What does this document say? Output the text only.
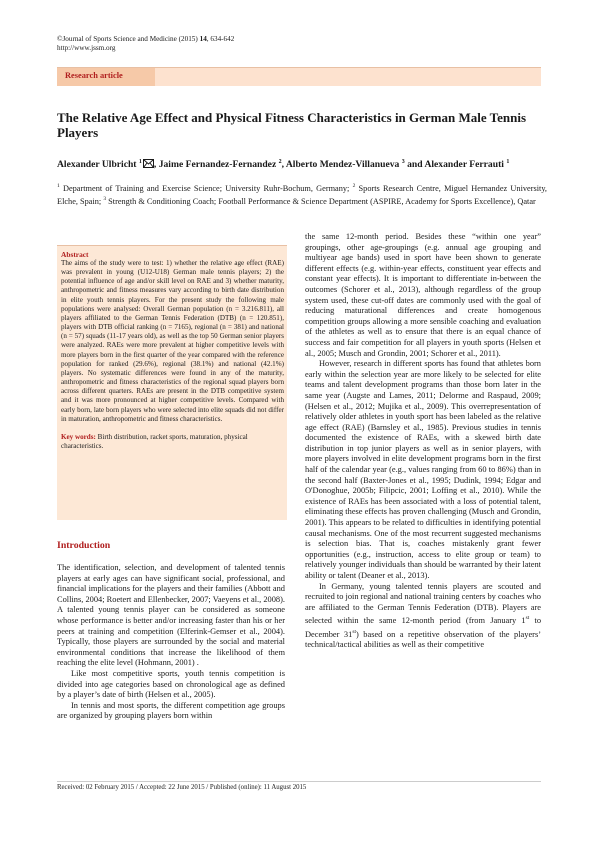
©Journal of Sports Science and Medicine (2015) 14, 634-642
http://www.jssm.org
Research article
The Relative Age Effect and Physical Fitness Characteristics in German Male Tennis Players
Alexander Ulbricht $^1$ , Jaime Fernandez-Fernandez $^2$, Alberto Mendez-Villanueva $^3$ and Alexander Ferrauti $^1$
$^1$ Department of Training and Exercise Science; University Ruhr-Bochum, Germany; $^2$ Sports Research Centre, Miguel Hernandez University, Elche, Spain; $^3$ Strength & Conditioning Coach; Football Performance & Science Department (ASPIRE, Academy for Sports Excellence), Qatar
Abstract
The aims of the study were to test: 1) whether the relative age effect (RAE) was prevalent in young (U12-U18) German male tennis players; 2) the potential influence of age and/or skill level on RAE and 3) whether maturity, anthropometric and fitness measures vary according to birth date distribution in elite youth tennis players. For the present study the following male populations were analysed: Overall German population (n = 3.216.811), all players affiliated to the German Tennis Federation (DTB) (n = 120.851), players with DTB official ranking (n = 7165), regional (n = 381) and national (n = 57) squads (11-17 years old), as well as the top 50 German senior players were analyzed. RAEs were more prevalent at higher competitive levels with more players born in the first quarter of the year compared with the reference population for ranked (29.6%), regional (38.1%) and national (42.1%) players. No systematic differences were found in any of the maturity, anthropometric and fitness characteristics of the regional squad players born across different quarters. RAEs are present in the DTB competitive system and it was more pronounced at higher competitive levels. Compared with early born, late born players who were selected into elite squads did not differ in maturation, anthropometric and fitness characteristics.
Key words: Birth distribution, racket sports, maturation, physical characteristics.
Introduction

The identification, selection, and development of talented tennis players at early ages can have significant social, professional, and financial implications for the players and their families (Abbott and Collins, 2004; Roetert and Ellenbecker, 2007; Vaeyens et al., 2008). A talented young tennis player can be considered as someone whose performance is better and/or increasing faster than his or her peers at training and competition (Elferink-Gemser et al., 2004). Typically, those players are surrounded by the social and material environmental conditions that increase the likelihood of them reaching the elite level (Hohmann, 2001) .

Like most competitive sports, youth tennis competition is divided into age categories based on chronological age as defined by a player’s date of birth (Helsen et al., 2005).

In tennis and most sports, the different competition age groups are organized by grouping players born within

the same 12-month period. Besides these “within one year” groupings, other age-groupings (e.g. annual age grouping and multiyear age bands) used in sport have been shown to generate different effects (e.g. within-year effects, constituent year effects and constant year effects). It is important to differentiate in-between the outcomes (Schorer et al., 2013), although regardless of the group system used, these cut-off dates are commonly used with the goal of reducing maturational differences and create homogenous competition groups allowing a more sensible coaching and evaluation of the athletes as well as to ensure that there is an equal chance of success and fair competition for all players in youth sports (Helsen et al., 2005; Musch and Grondin, 2001; Schorer et al., 2011).

However, research in different sports has found that athletes born early within the selection year are more likely to be selected for elite teams and talent development programs than those born later in the same year (Augste and Lames, 2011; Delorme and Raspaud, 2009; (Helsen et al., 2012; Mujika et al., 2009). This overrepresentation of relatively older athletes in youth sport has been labeled as the relative age effect (RAE) (Barnsley et al., 1985). Previous studies in tennis documented the existence of RAEs, with a skewed birth date distribution in top junior players as well as in senior players, with more players involved in elite development programs born in the first half of the calendar year (e.g., values ranging from 60 to 86%) than in the second half (Baxter-Jones et al., 1995; Dudink, 1994; Edgar and O'Donoghue, 2005b; Filipcic, 2001; Loffing et al., 2010). While the existence of RAEs has been associated with a loss of potential talent, eliminating these effects has proven challenging (Musch and Grondin, 2001). This appears to be related to difficulties in identifying potential causal mechanisms. One of the most recurrent suggested mechanisms is selection bias. That is, coaches mistakenly grant fewer opportunities (e.g., instruction, access to elite group or team) to relatively younger individuals than should be warranted by their latent ability or talent (Deaner et al., 2013).

In Germany, young talented tennis players are scouted and recruited to join regional and national training centers by coaches who are affiliated to the German Tennis Federation (DTB). Players are selected within the same 12-month period (from January 1st to December 31st) based on a repetitive observation of the players’ technical/tactical abilities as well as their competitive

Received: 02 February 2015 / Accepted: 22 June 2015 / Published (online): 11 August 2015
